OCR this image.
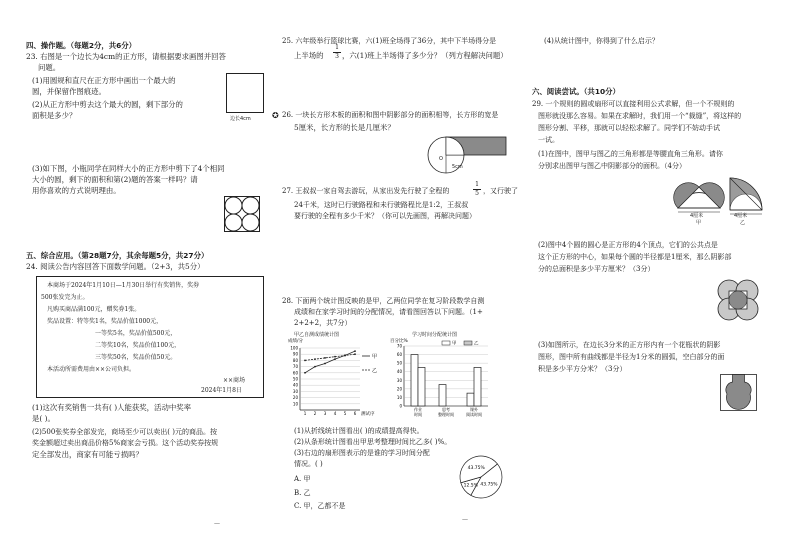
四、操作题。（每题2分，共6分）
23. 右图是一个边长为4cm的正方形，请根据要求画图并回答
问题。
(1)用圆规和直尺在正方形中画出一个最大的
圆，并保留作图痕迹。
(2)从正方形中剪去这个最大的圆，剩下部分的
面积是多少？	边长4cm
(3)如下图，小瓶同学在同样大小的正方形中剪下了4个相同
大小的圆，剩下的面积和第(2)题的答案一样吗？请
用你喜欢的方式说明理由。
五、综合应用。（第28题7分，其余每题5分，共27分）
24. 阅读公告内容回答下面数学问题。（2+3，共5分）
本商场于2024年1月10日—1月30日举行有奖销售，奖券
500张发完为止。
凡购买商品满100元，赠奖券1张。
奖品设置：特等奖1名，奖品价值1000元，
一等奖5名，奖品价值500元，
二等奖10名，奖品价值100元，
三等奖50名，奖品价值50元。
本活动所需费用由××公司负担。
××商场
2024年1月8日
(1)这次有奖销售一共有( )人能获奖，活动中奖率
是( )。
(2)500张奖券全部发完，商场至少可以卖出( )元的商品。按
奖金额超过卖出商品价格5%商家会亏损。这个活动奖券按规
定全部发出，商家有可能亏损吗？
—
25. 六年级举行篮球比赛，六(1)班全场得了36分，其中下半场得分是
上半场的
1
3 ，六(1)班上半场得了多少分？（列方程解决问题）
✪ 26. 一块长方形木板的面积和图中阴影部分的面积相等，长方形的宽是
5厘米，长方形的长是几厘米？
O
5cm
27. 王叔叔一家自驾去游玩，从家出发先行驶了全程的
1
5 ，又行驶了
24千米，这时已行驶路程和未行驶路程比是1:2，王叔叔
要行驶的全程有多少千米？（你可以先画图，再解决问题）
28. 下面两个统计图反映的是甲，乙两位同学在复习阶段数学自测
成绩和在家学习时间的分配情况，请看图回答以下问题。（1+
2+2+2，共7分）
甲乙自测成绩统计图
成绩/分
100
90
80
70
60
50
40
30
20
10
1 2 3 4 5 6 测试序
甲
乙
学习时间分配统计图
百分比%
70
60
50
40
30
20
10
0
作业
时间
思考
整理时间
课外
阅读时间
甲	乙
(1)从折线统计图看出( )的成绩提高得快。
(2)从条形统计图看出甲思考整理时间比乙多( )%。
(3)右边的扇形图表示的是谁的学习时间分配
情况。( )
A. 甲
B. 乙
C. 甲，乙都不是
43.75%
12.5%
43.75%
—
(4)从统计图中，你得到了什么启示？
六、阅读尝试。（共10分）
29. 一个规则的圆或扇形可以直接利用公式求解，但一个不规则的
图形就没那么容易。如果在求解时，我们用一个“裁缝”，将这样的
图形分割、平移，那就可以轻松求解了。同学们不妨动手试
一试。
(1)在图中，图甲与图乙的三角形都是等腰直角三角形。请你
分别求出图甲与图乙中阴影部分的面积。（4分）
4厘米
甲
4厘米
乙
(2)图中4个圆的圆心是正方形的4个顶点，它们的公共点是
这个正方形的中心，如果每个圆的半径都是1厘米，那么阴影部
分的总面积是多少平方厘米？（3分）
(3)如图所示，在边长3分米的正方形内有一个花瓶状的阴影
图形，图中所有曲线都是半径为1分米的圆弧，空白部分的面
积是多少平方分米？（3分）
